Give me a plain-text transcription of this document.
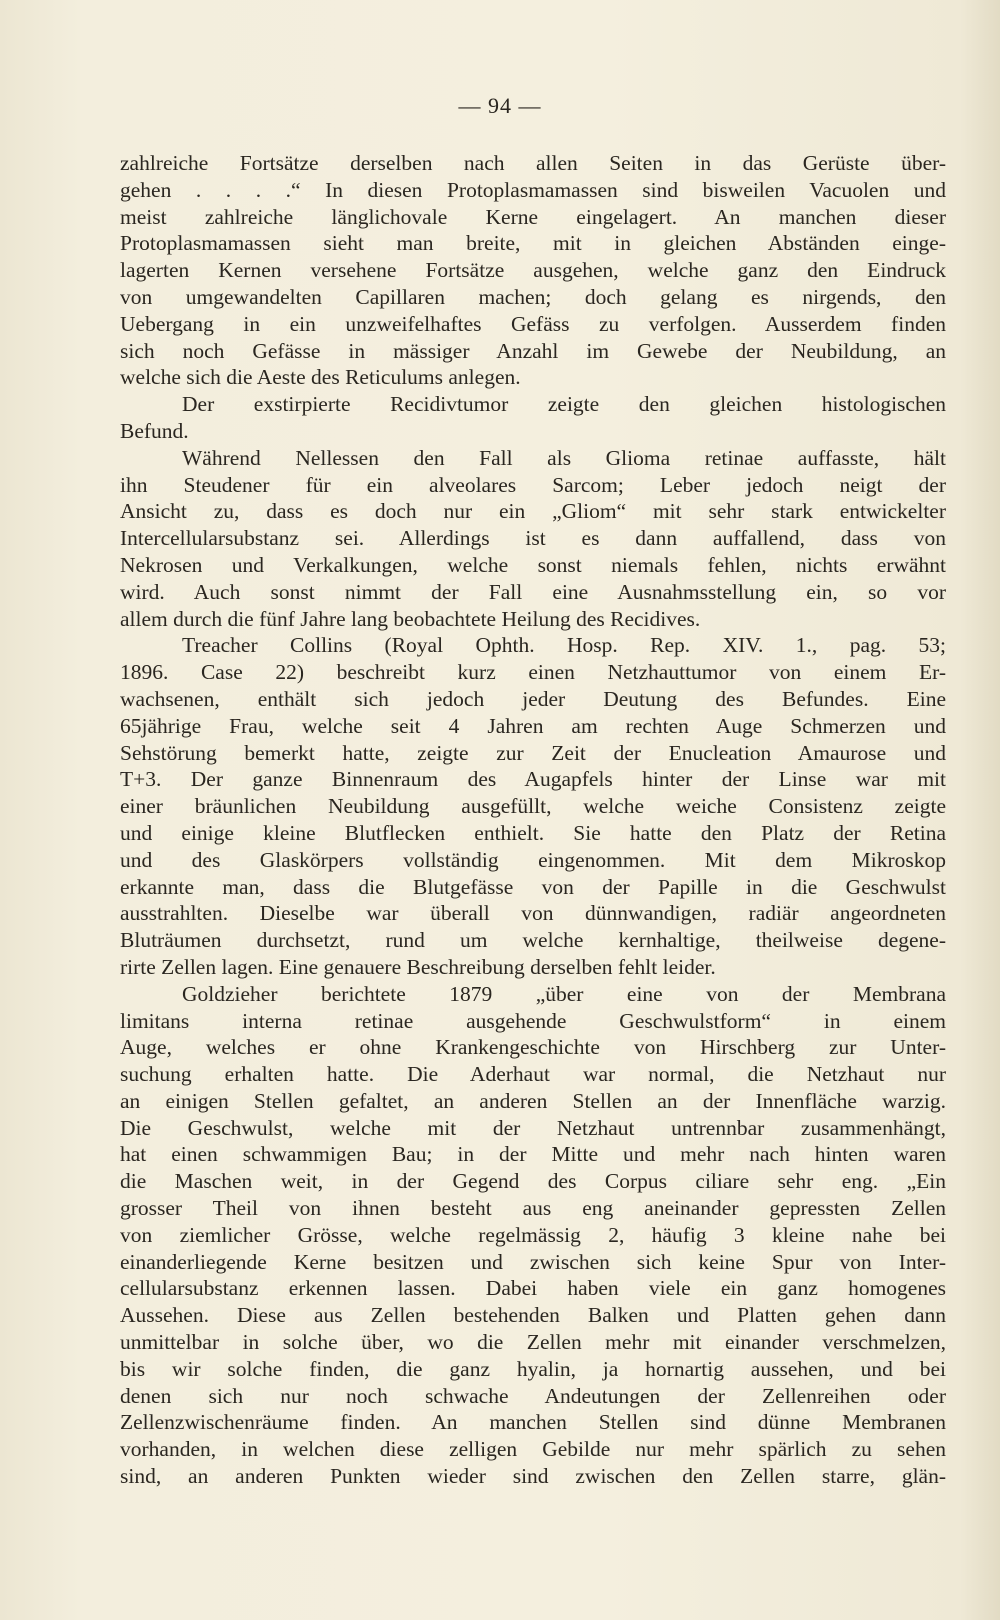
— 94 —
zahlreiche Fortsätze derselben nach allen Seiten in das Gerüste über-
gehen . . . .“ In diesen Protoplasmamassen sind bisweilen Vacuolen und
meist zahlreiche länglichovale Kerne eingelagert. An manchen dieser
Protoplasmamassen sieht man breite, mit in gleichen Abständen einge-
lagerten Kernen versehene Fortsätze ausgehen, welche ganz den Eindruck
von umgewandelten Capillaren machen; doch gelang es nirgends, den
Uebergang in ein unzweifelhaftes Gefäss zu verfolgen. Ausserdem finden
sich noch Gefässe in mässiger Anzahl im Gewebe der Neubildung, an
welche sich die Aeste des Reticulums anlegen.
Der exstirpierte Recidivtumor zeigte den gleichen histologischen
Befund.
Während Nellessen den Fall als Glioma retinae auffasste, hält
ihn Steudener für ein alveolares Sarcom; Leber jedoch neigt der
Ansicht zu, dass es doch nur ein „Gliom“ mit sehr stark entwickelter
Intercellularsubstanz sei. Allerdings ist es dann auffallend, dass von
Nekrosen und Verkalkungen, welche sonst niemals fehlen, nichts erwähnt
wird. Auch sonst nimmt der Fall eine Ausnahmsstellung ein, so vor
allem durch die fünf Jahre lang beobachtete Heilung des Recidives.
Treacher Collins (Royal Ophth. Hosp. Rep. XIV. 1., pag. 53;
1896. Case 22) beschreibt kurz einen Netzhauttumor von einem Er-
wachsenen, enthält sich jedoch jeder Deutung des Befundes. Eine
65jährige Frau, welche seit 4 Jahren am rechten Auge Schmerzen und
Sehstörung bemerkt hatte, zeigte zur Zeit der Enucleation Amaurose und
T+3. Der ganze Binnenraum des Augapfels hinter der Linse war mit
einer bräunlichen Neubildung ausgefüllt, welche weiche Consistenz zeigte
und einige kleine Blutflecken enthielt. Sie hatte den Platz der Retina
und des Glaskörpers vollständig eingenommen. Mit dem Mikroskop
erkannte man, dass die Blutgefässe von der Papille in die Geschwulst
ausstrahlten. Dieselbe war überall von dünnwandigen, radiär angeordneten
Bluträumen durchsetzt, rund um welche kernhaltige, theilweise degene-
rirte Zellen lagen. Eine genauere Beschreibung derselben fehlt leider.
Goldzieher berichtete 1879 „über eine von der Membrana
limitans interna retinae ausgehende Geschwulstform“ in einem
Auge, welches er ohne Krankengeschichte von Hirschberg zur Unter-
suchung erhalten hatte. Die Aderhaut war normal, die Netzhaut nur
an einigen Stellen gefaltet, an anderen Stellen an der Innenfläche warzig.
Die Geschwulst, welche mit der Netzhaut untrennbar zusammenhängt,
hat einen schwammigen Bau; in der Mitte und mehr nach hinten waren
die Maschen weit, in der Gegend des Corpus ciliare sehr eng. „Ein
grosser Theil von ihnen besteht aus eng aneinander gepressten Zellen
von ziemlicher Grösse, welche regelmässig 2, häufig 3 kleine nahe bei
einanderliegende Kerne besitzen und zwischen sich keine Spur von Inter-
cellularsubstanz erkennen lassen. Dabei haben viele ein ganz homogenes
Aussehen. Diese aus Zellen bestehenden Balken und Platten gehen dann
unmittelbar in solche über, wo die Zellen mehr mit einander verschmelzen,
bis wir solche finden, die ganz hyalin, ja hornartig aussehen, und bei
denen sich nur noch schwache Andeutungen der Zellenreihen oder
Zellenzwischenräume finden. An manchen Stellen sind dünne Membranen
vorhanden, in welchen diese zelligen Gebilde nur mehr spärlich zu sehen
sind, an anderen Punkten wieder sind zwischen den Zellen starre, glän-
